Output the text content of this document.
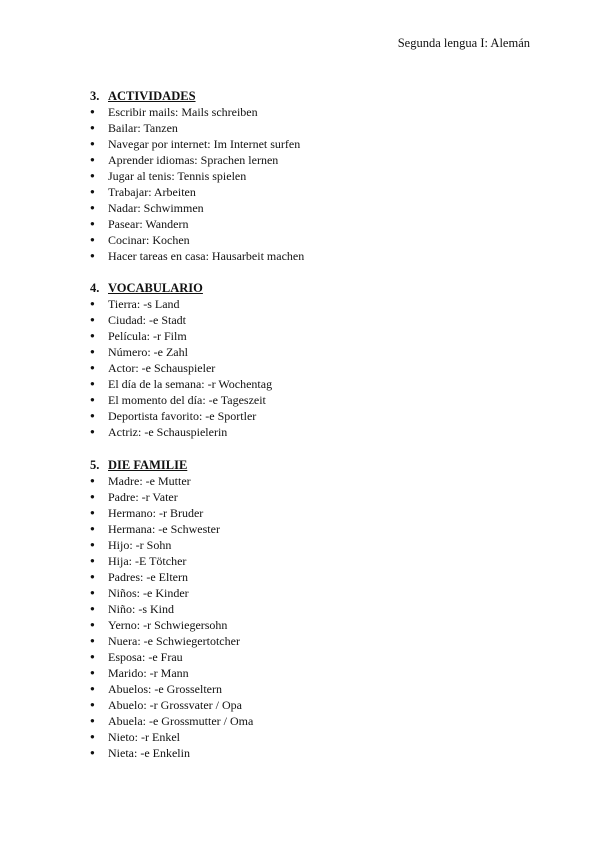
Segunda lengua I: Alemán
3. ACTIVIDADES
● Escribir mails: Mails schreiben
● Bailar: Tanzen
● Navegar por internet: Im Internet surfen
● Aprender idiomas: Sprachen lernen
● Jugar al tenis: Tennis spielen
● Trabajar: Arbeiten
● Nadar: Schwimmen
● Pasear: Wandern
● Cocinar: Kochen
● Hacer tareas en casa: Hausarbeit machen
4. VOCABULARIO
● Tierra: -s Land
● Ciudad: -e Stadt
● Película: -r Film
● Número: -e Zahl
● Actor: -e Schauspieler
● El día de la semana: -r Wochentag
● El momento del día: -e Tageszeit
● Deportista favorito: -e Sportler
● Actriz: -e Schauspielerin
5. DIE FAMILIE
● Madre: -e Mutter
● Padre: -r Vater
● Hermano: -r Bruder
● Hermana: -e Schwester
● Hijo: -r Sohn
● Hija: -E Tötcher
● Padres: -e Eltern
● Niños: -e Kinder
● Niño: -s Kind
● Yerno: -r Schwiegersohn
● Nuera: -e Schwiegertotcher
● Esposa: -e Frau
● Marido: -r Mann
● Abuelos: -e Grosseltern
● Abuelo: -r Grossvater / Opa
● Abuela: -e Grossmutter / Oma
● Nieto: -r Enkel
● Nieta: -e Enkelin
